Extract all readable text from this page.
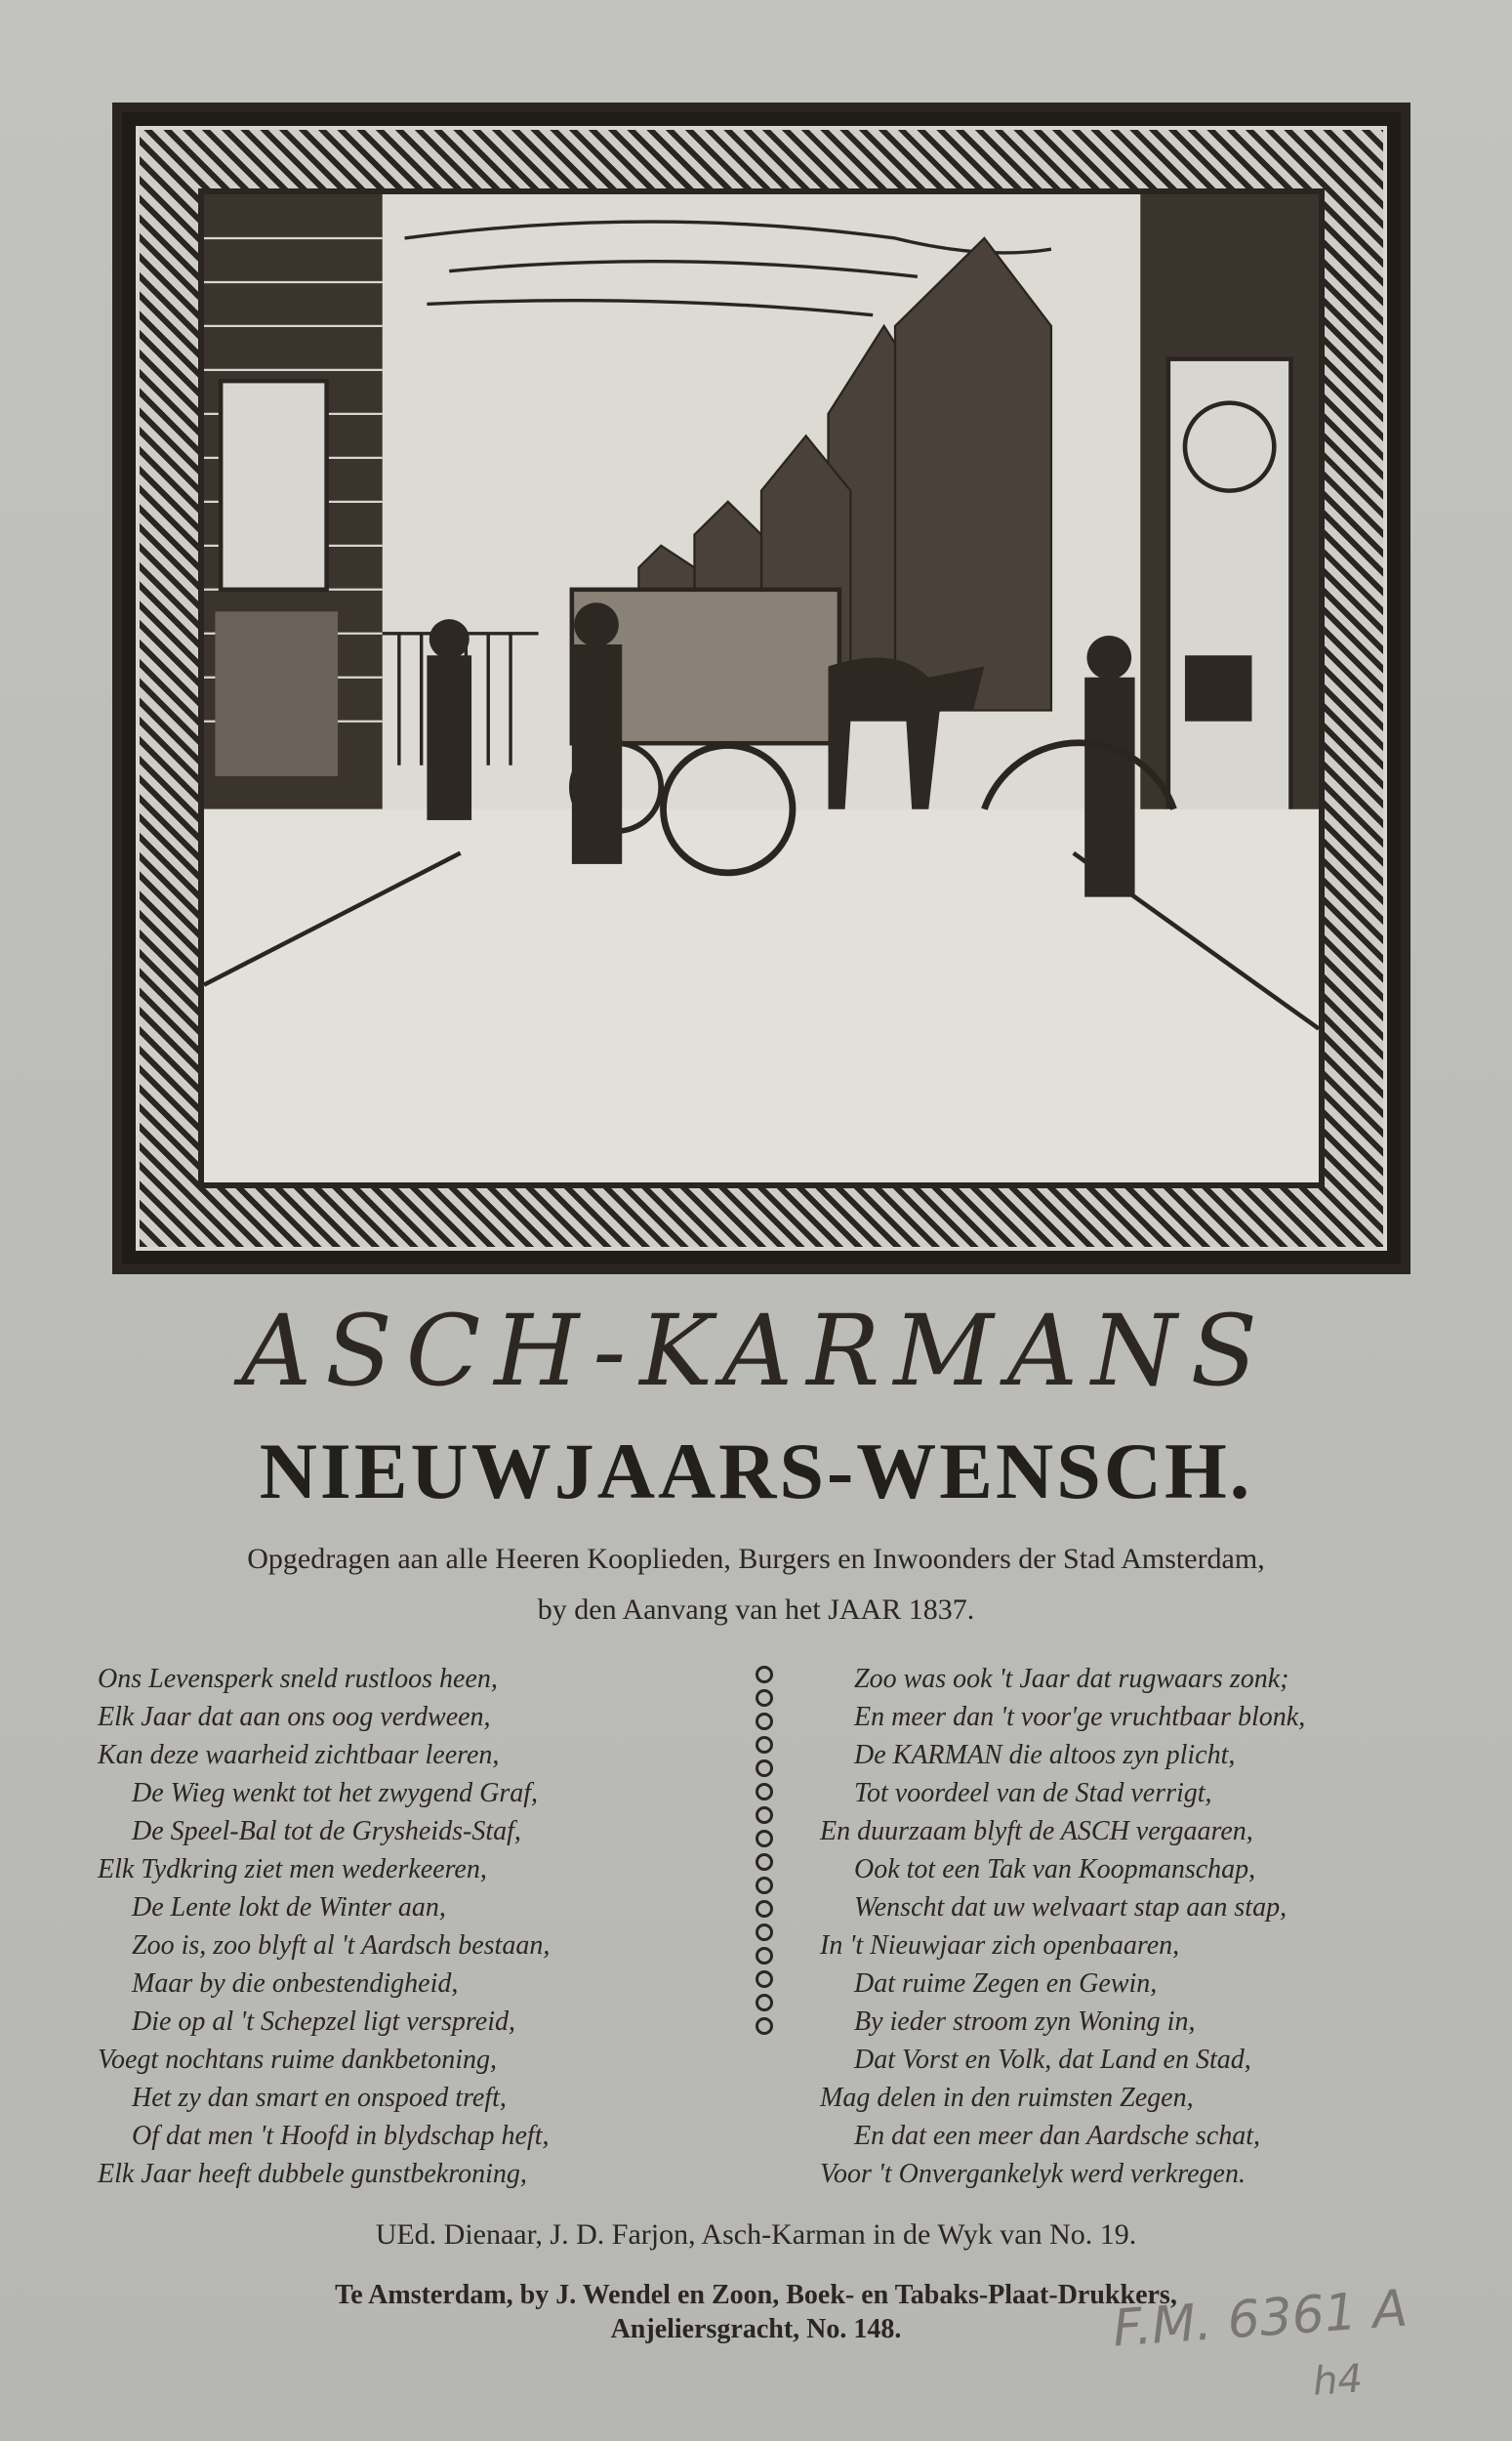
ASCH-KARMANS
NIEUWJAARS-WENSCH.
Opgedragen aan alle Heeren Kooplieden, Burgers en Inwoonders der Stad Amsterdam,
by den Aanvang van het JAAR 1837.
Ons Levensperk sneld rustloos heen,
Elk Jaar dat aan ons oog verdween,
Kan deze waarheid zichtbaar leeren,
De Wieg wenkt tot het zwygend Graf,
De Speel-Bal tot de Grysheids-Staf,
Elk Tydkring ziet men wederkeeren,
De Lente lokt de Winter aan,
Zoo is, zoo blyft al 't Aardsch bestaan,
Maar by die onbestendigheid,
Die op al 't Schepzel ligt verspreid,
Voegt nochtans ruime dankbetoning,
Het zy dan smart en onspoed treft,
Of dat men 't Hoofd in blydschap heft,
Elk Jaar heeft dubbele gunstbekroning,
Zoo was ook 't Jaar dat rugwaars zonk;
En meer dan 't voor'ge vruchtbaar blonk,
De KARMAN die altoos zyn plicht,
Tot voordeel van de Stad verrigt,
En duurzaam blyft de ASCH vergaaren,
Ook tot een Tak van Koopmanschap,
Wenscht dat uw welvaart stap aan stap,
In 't Nieuwjaar zich openbaaren,
Dat ruime Zegen en Gewin,
By ieder stroom zyn Woning in,
Dat Vorst en Volk, dat Land en Stad,
Mag delen in den ruimsten Zegen,
En dat een meer dan Aardsche schat,
Voor 't Onvergankelyk werd verkregen.
UEd. Dienaar, J. D. Farjon, Asch-Karman in de Wyk van No. 19.
Te Amsterdam, by J. Wendel en Zoon, Boek- en Tabaks-Plaat-Drukkers,
Anjeliersgracht, No. 148.	F.M. 6361 A
h4
